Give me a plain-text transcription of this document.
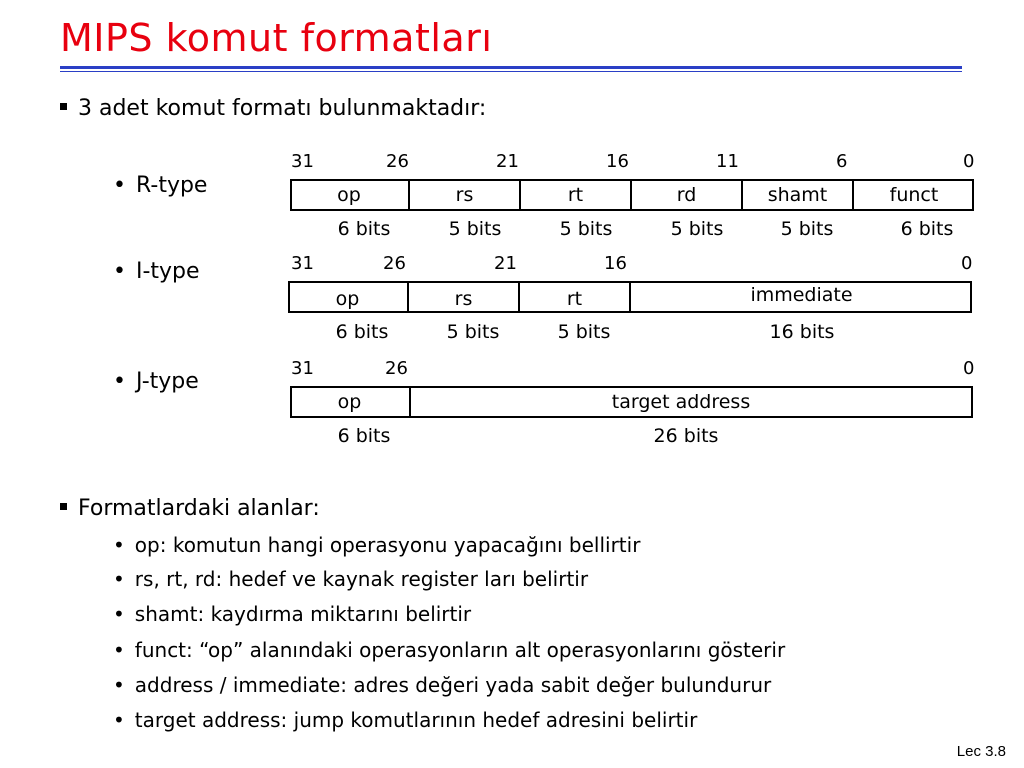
MIPS komut formatları
3 adet komut formatı bulunmaktadır:
• R-type
31	26	21	16	11	6	0
op	rs	rt	rd	shamt	funct
6 bits	5 bits	5 bits	5 bits	5 bits	6 bits
• I-type	31	26	21	16	0
op	rs	rt	immediate
6 bits	5 bits	5 bits	16 bits
• J-type
31	26	0
op	target address
6 bits	26 bits
Formatlardaki alanlar:
• op: komutun hangi operasyonu yapacağını bellirtir
• rs, rt, rd: hedef ve kaynak register ları belirtir
• shamt: kaydırma miktarını belirtir
• funct: “op” alanındaki operasyonların alt operasyonlarını gösterir
• address / immediate: adres değeri yada sabit değer bulundurur
• target address: jump komutlarının hedef adresini belirtir
Lec 3.8
